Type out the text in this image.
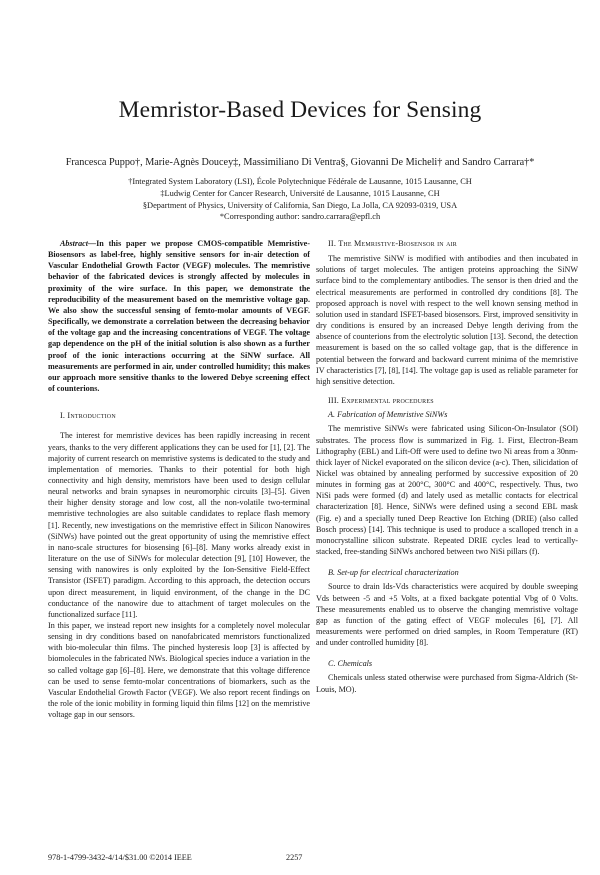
Memristor-Based Devices for Sensing
Francesca Puppo†, Marie-Agnès Doucey‡, Massimiliano Di Ventra§, Giovanni De Micheli† and Sandro Carrara†*
†Integrated System Laboratory (LSI), École Polytechnique Fédérale de Lausanne, 1015 Lausanne, CH
‡Ludwig Center for Cancer Research, Université de Lausanne, 1015 Lausanne, CH
§Department of Physics, University of California, San Diego, La Jolla, CA 92093-0319, USA
*Corresponding author: sandro.carrara@epfl.ch

Abstract—In this paper we propose CMOS-compatible Memristive-Biosensors as label-free, highly sensitive sensors for in-air detection of Vascular Endothelial Growth Factor (VEGF) molecules. The memristive behavior of the fabricated devices is strongly affected by molecules in proximity of the wire surface. In this paper, we demonstrate the reproducibility of the measurement based on the memristive voltage gap. We also show the successful sensing of femto-molar amounts of VEGF. Specifically, we demonstrate a correlation between the decreasing behavior of the voltage gap and the increasing concentrations of VEGF. The voltage gap dependence on the pH of the initial solution is also shown as a further proof of the ionic interactions occurring at the SiNW surface. All measurements are performed in air, under controlled humidity; this makes our approach more sensitive thanks to the lowered Debye screening effect of counterions.

I. Introduction

The interest for memristive devices has been rapidly increasing in recent years, thanks to the very different applications they can be used for [1], [2]. The majority of current research on memristive systems is dedicated to the study and implementation of memories. Thanks to their potential for both high connectivity and high density, memristors have been used to design cellular neural networks and brain synapses in neuromorphic circuits [3]–[5]. Given their higher density storage and low cost, all the non-volatile two-terminal memristive technologies are also suitable candidates to replace flash memory [1]. Recently, new investigations on the memristive effect in Silicon Nanowires (SiNWs) have pointed out the great opportunity of using the memristive effect in nano-scale structures for biosensing [6]–[8]. Many works already exist in literature on the use of SiNWs for molecular detection [9], [10] However, the sensing with nanowires is only exploited by the Ion-Sensitive Field-Effect Transistor (ISFET) paradigm. According to this approach, the detection occurs upon direct measurement, in liquid environment, of the change in the DC conductance of the nanowire due to attachment of target molecules on the functionalized surface [11].

In this paper, we instead report new insights for a completely novel molecular sensing in dry conditions based on nanofabricated memristors functionalized with bio-molecular thin films. The pinched hysteresis loop [3] is affected by biomolecules in the fabricated NWs. Biological species induce a variation in the so called voltage gap [6]–[8]. Here, we demonstrate that this voltage difference can be used to sense femto-molar concentrations of biomarkers, such as the Vascular Endothelial Growth Factor (VEGF). We also report recent findings on the role of the ionic mobility in forming liquid thin films [12] on the memristive voltage gap in our sensors.

II. The Memristive-Biosensor in air

The memristive SiNW is modified with antibodies and then incubated in solutions of target molecules. The antigen proteins approaching the SiNW surface bind to the complementary antibodies. The sensor is then dried and the electrical measurements are performed in controlled dry conditions [8]. The proposed approach is novel with respect to the well known sensing method in solution used in standard ISFET-based biosensors. First, improved sensitivity in dry conditions is ensured by an increased Debye length deriving from the absence of counterions from the electrolytic solution [13]. Second, the detection measurement is based on the so called voltage gap, that is the difference in potential between the forward and backward current minima of the memristive IV characteristics [7], [8], [14]. The voltage gap is used as reliable parameter for high sensitive detection.

III. Experimental procedures

A. Fabrication of Memristive SiNWs

The memristive SiNWs were fabricated using Silicon-On-Insulator (SOI) substrates. The process flow is summarized in Fig. 1. First, Electron-Beam Lithography (EBL) and Lift-Off were used to define two Ni areas from a 30nm-thick layer of Nickel evaporated on the silicon device (a-c). Then, silicidation of Nickel was obtained by annealing performed by successive exposition of 20 minutes in forming gas at 200°C, 300°C and 400°C, respectively. Thus, two NiSi pads were formed (d) and lately used as metallic contacts for electrical characterization [8]. Hence, SiNWs were defined using a second EBL mask (Fig. e) and a specially tuned Deep Reactive Ion Etching (DRIE) (also called Bosch process) [14]. This technique is used to produce a scalloped trench in a monocrystalline silicon substrate. Repeated DRIE cycles lead to vertically-stacked, free-standing SiNWs anchored between two NiSi pillars (f).

B. Set-up for electrical characterization

Source to drain Ids-Vds characteristics were acquired by double sweeping Vds between -5 and +5 Volts, at a fixed backgate potential Vbg of 0 Volts. These measurements enabled us to observe the changing memristive voltage gap as function of the gating effect of VEGF molecules [6], [7]. All measurements were performed on dried samples, in Room Temperature (RT) and under controlled humidity [8].

C. Chemicals

Chemicals unless stated otherwise were purchased from Sigma-Aldrich (St-Louis, MO).

978-1-4799-3432-4/14/$31.00 ©2014 IEEE	2257
